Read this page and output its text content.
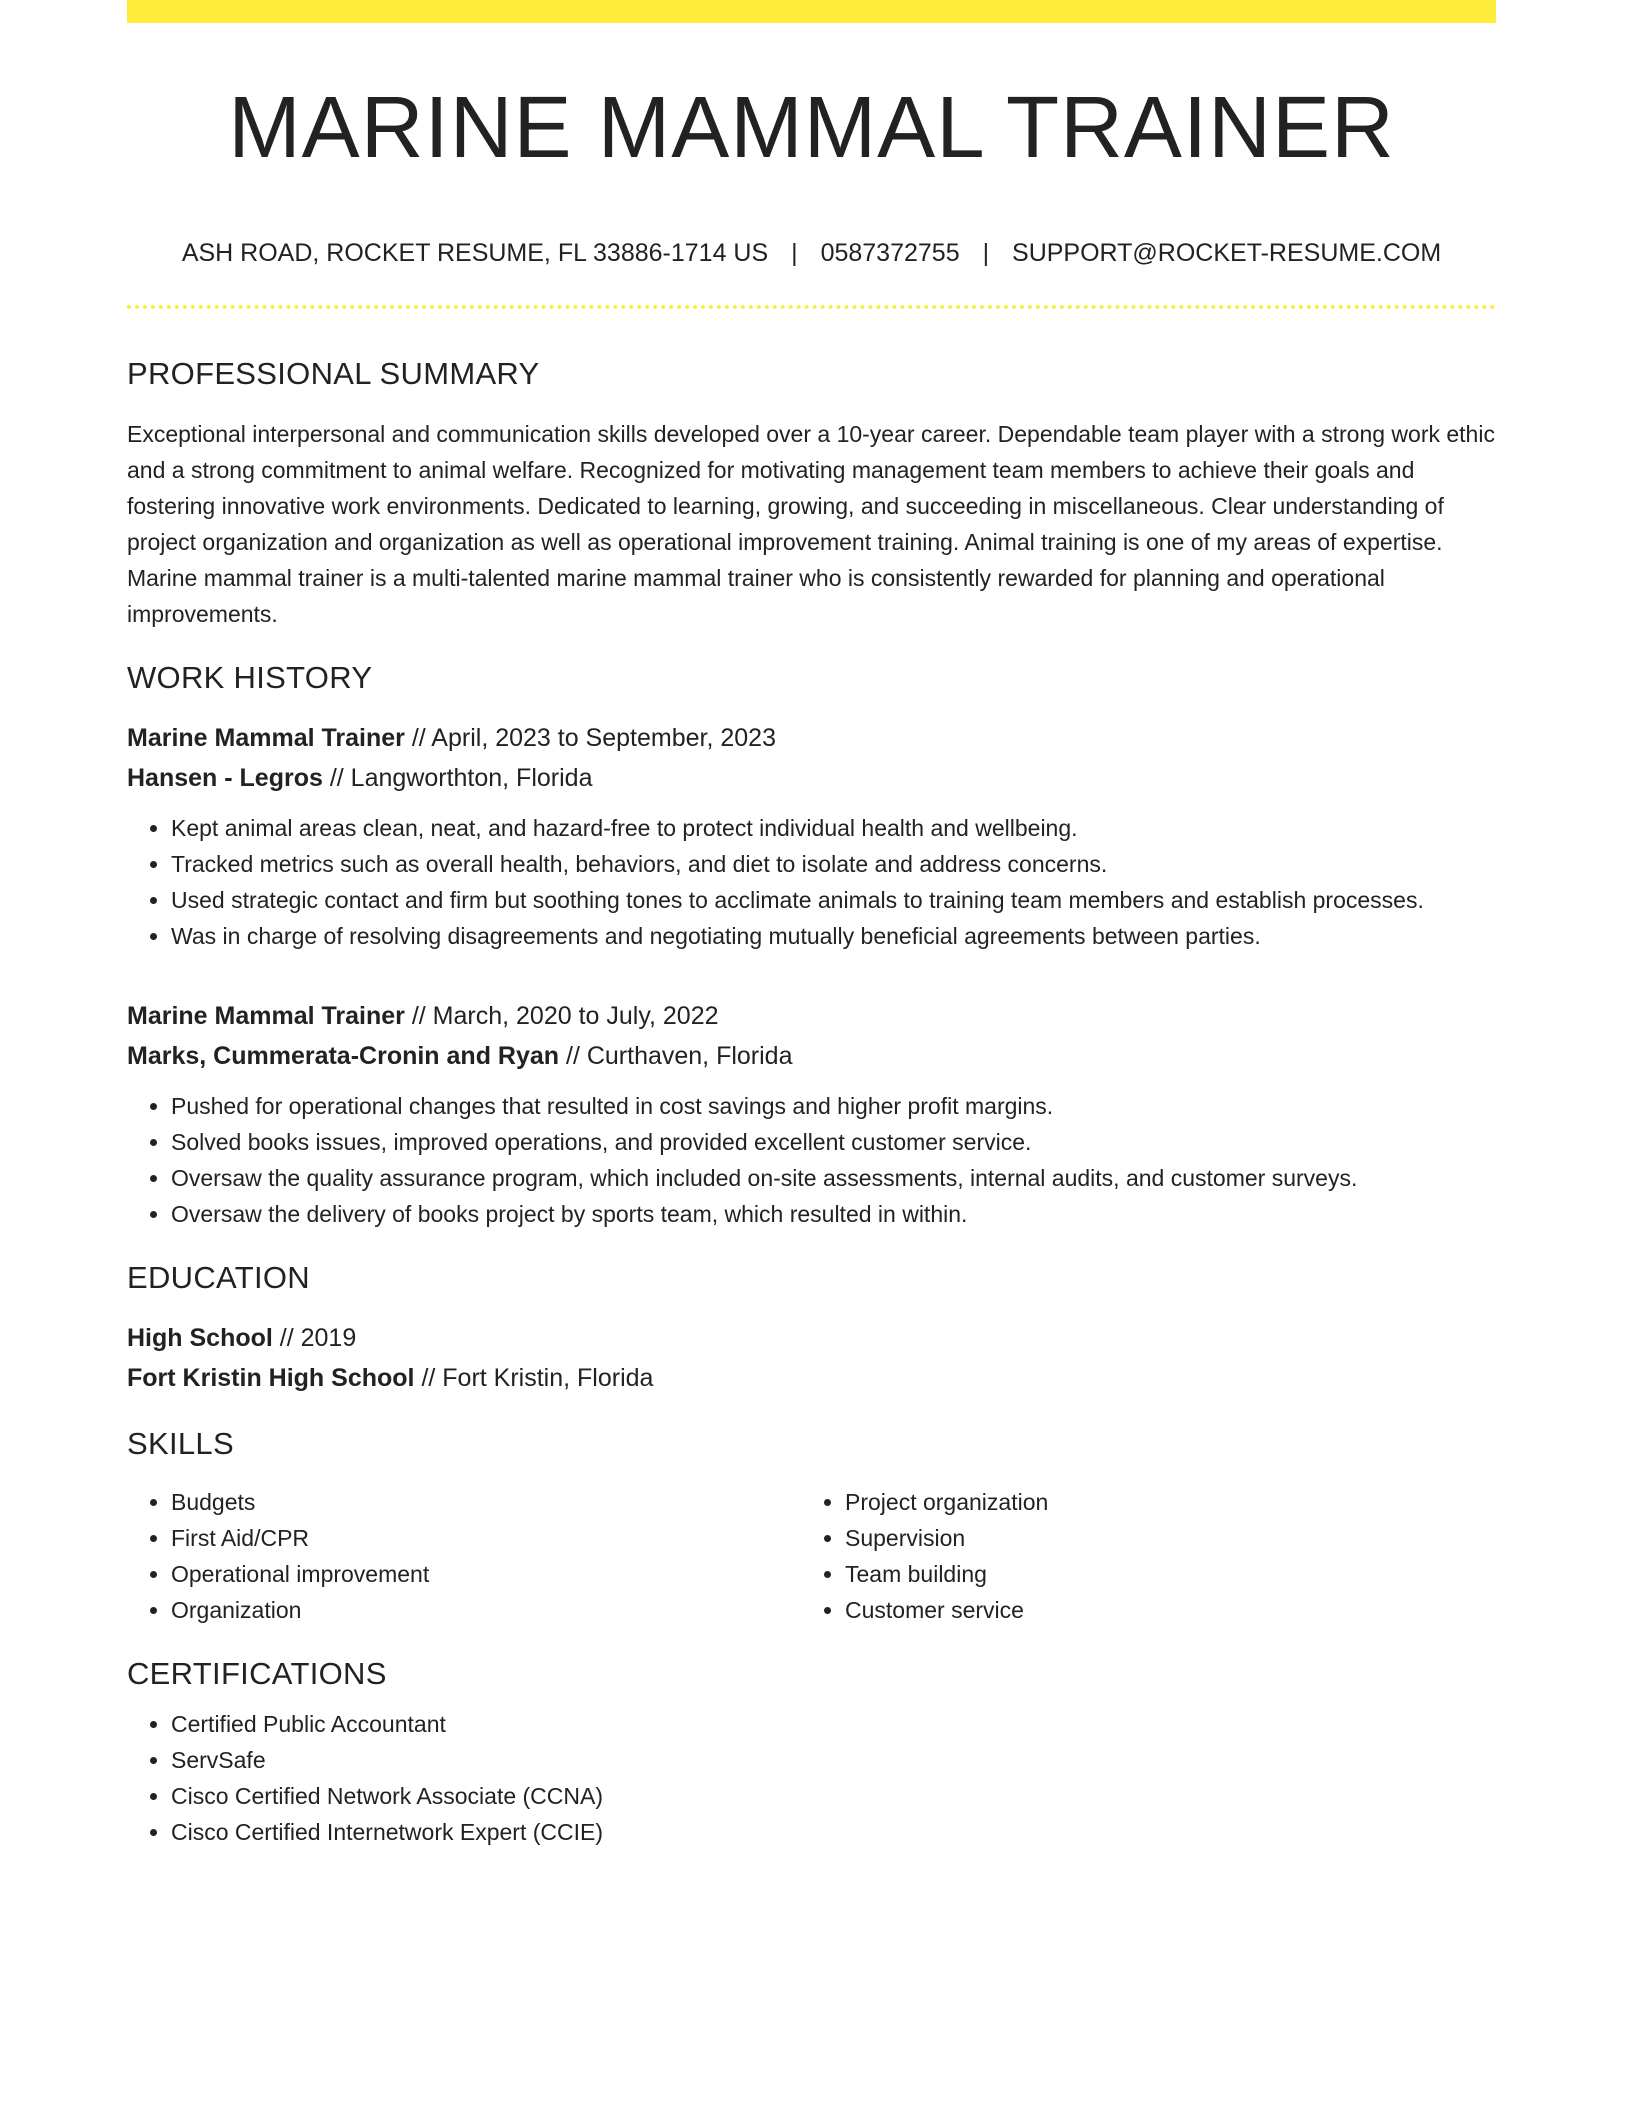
MARINE MAMMAL TRAINER
ASH ROAD, ROCKET RESUME, FL 33886-1714 US | 0587372755 | SUPPORT@ROCKET-RESUME.COM
PROFESSIONAL SUMMARY

Exceptional interpersonal and communication skills developed over a 10-year career. Dependable team player with a strong work ethic and a strong commitment to animal welfare. Recognized for motivating management team members to achieve their goals and fostering innovative work environments. Dedicated to learning, growing, and succeeding in miscellaneous. Clear understanding of project organization and organization as well as operational improvement training. Animal training is one of my areas of expertise. Marine mammal trainer is a multi-talented marine mammal trainer who is consistently rewarded for planning and operational improvements.

WORK HISTORY
Marine Mammal Trainer // April, 2023 to September, 2023
Hansen - Legros // Langworthton, Florida
• Kept animal areas clean, neat, and hazard-free to protect individual health and wellbeing.
• Tracked metrics such as overall health, behaviors, and diet to isolate and address concerns.
• Used strategic contact and firm but soothing tones to acclimate animals to training team members and establish processes.
• Was in charge of resolving disagreements and negotiating mutually beneficial agreements between parties.
Marine Mammal Trainer // March, 2020 to July, 2022
Marks, Cummerata-Cronin and Ryan // Curthaven, Florida
• Pushed for operational changes that resulted in cost savings and higher profit margins.
• Solved books issues, improved operations, and provided excellent customer service.
• Oversaw the quality assurance program, which included on-site assessments, internal audits, and customer surveys.
• Oversaw the delivery of books project by sports team, which resulted in within.
EDUCATION
High School // 2019
Fort Kristin High School // Fort Kristin, Florida
SKILLS
• Budgets
• First Aid/CPR
• Operational improvement
• Organization
• Project organization
• Supervision
• Team building
• Customer service
CERTIFICATIONS
• Certified Public Accountant
• ServSafe
• Cisco Certified Network Associate (CCNA)
• Cisco Certified Internetwork Expert (CCIE)
